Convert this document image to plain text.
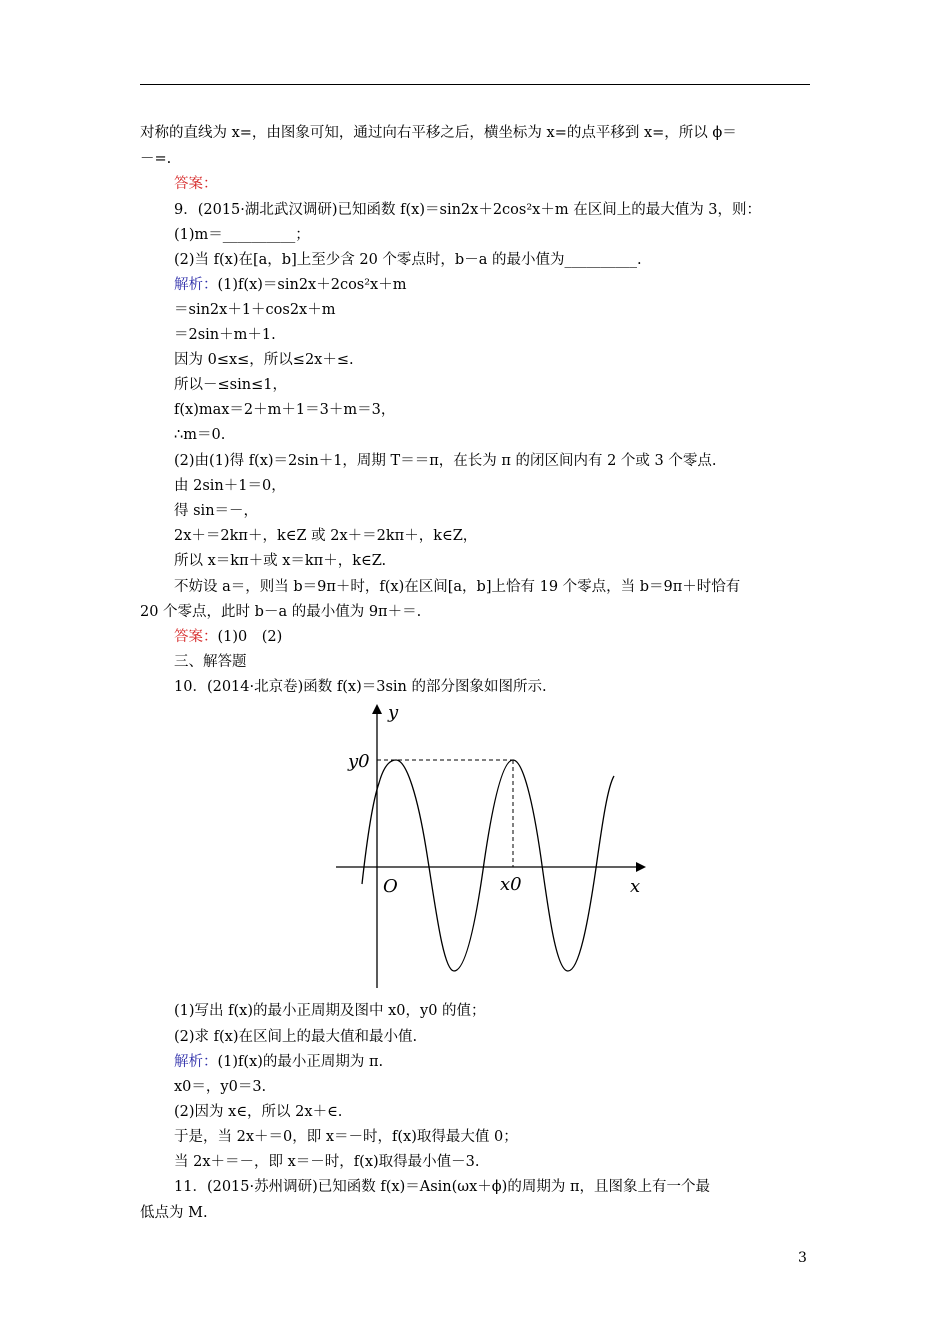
对称的直线为 x=，由图象可知，通过向右平移之后，横坐标为 x=的点平移到 x=，所以 ϕ＝
－=.
答案：
9．(2015·湖北武汉调研)已知函数 f(x)＝sin2x＋2cos²x＋m 在区间上的最大值为 3，则：
(1)m＝__________；
(2)当 f(x)在[a，b]上至少含 20 个零点时，b－a 的最小值为__________.
解析：(1)f(x)＝sin2x＋2cos²x＋m
＝sin2x＋1＋cos2x＋m
＝2sin＋m＋1.
因为 0≤x≤，所以≤2x＋≤.
所以－≤sin≤1，
f(x)max＝2＋m＋1＝3＋m＝3，
∴m＝0.
(2)由(1)得 f(x)＝2sin＋1，周期 T＝＝π，在长为 π 的闭区间内有 2 个或 3 个零点.
由 2sin＋1＝0，
得 sin＝－，
2x＋＝2kπ＋，k∈Z 或 2x＋＝2kπ＋，k∈Z，
所以 x＝kπ＋或 x＝kπ＋，k∈Z.
不妨设 a＝，则当 b＝9π＋时，f(x)在区间[a，b]上恰有 19 个零点，当 b＝9π＋时恰有
20 个零点，此时 b－a 的最小值为 9π＋＝.
答案：(1)0　(2)
三、解答题
10．(2014·北京卷)函数 f(x)＝3sin 的部分图象如图所示.
y
y0
O	x0	x
(1)写出 f(x)的最小正周期及图中 x0，y0 的值；
(2)求 f(x)在区间上的最大值和最小值.
解析：(1)f(x)的最小正周期为 π.
x0＝，y0＝3.
(2)因为 x∈，所以 2x＋∈.
于是，当 2x＋＝0，即 x＝－时，f(x)取得最大值 0；
当 2x＋＝－，即 x＝－时，f(x)取得最小值－3.
11．(2015·苏州调研)已知函数 f(x)＝Asin(ωx＋ϕ)的周期为 π，且图象上有一个最
低点为 M.
3
